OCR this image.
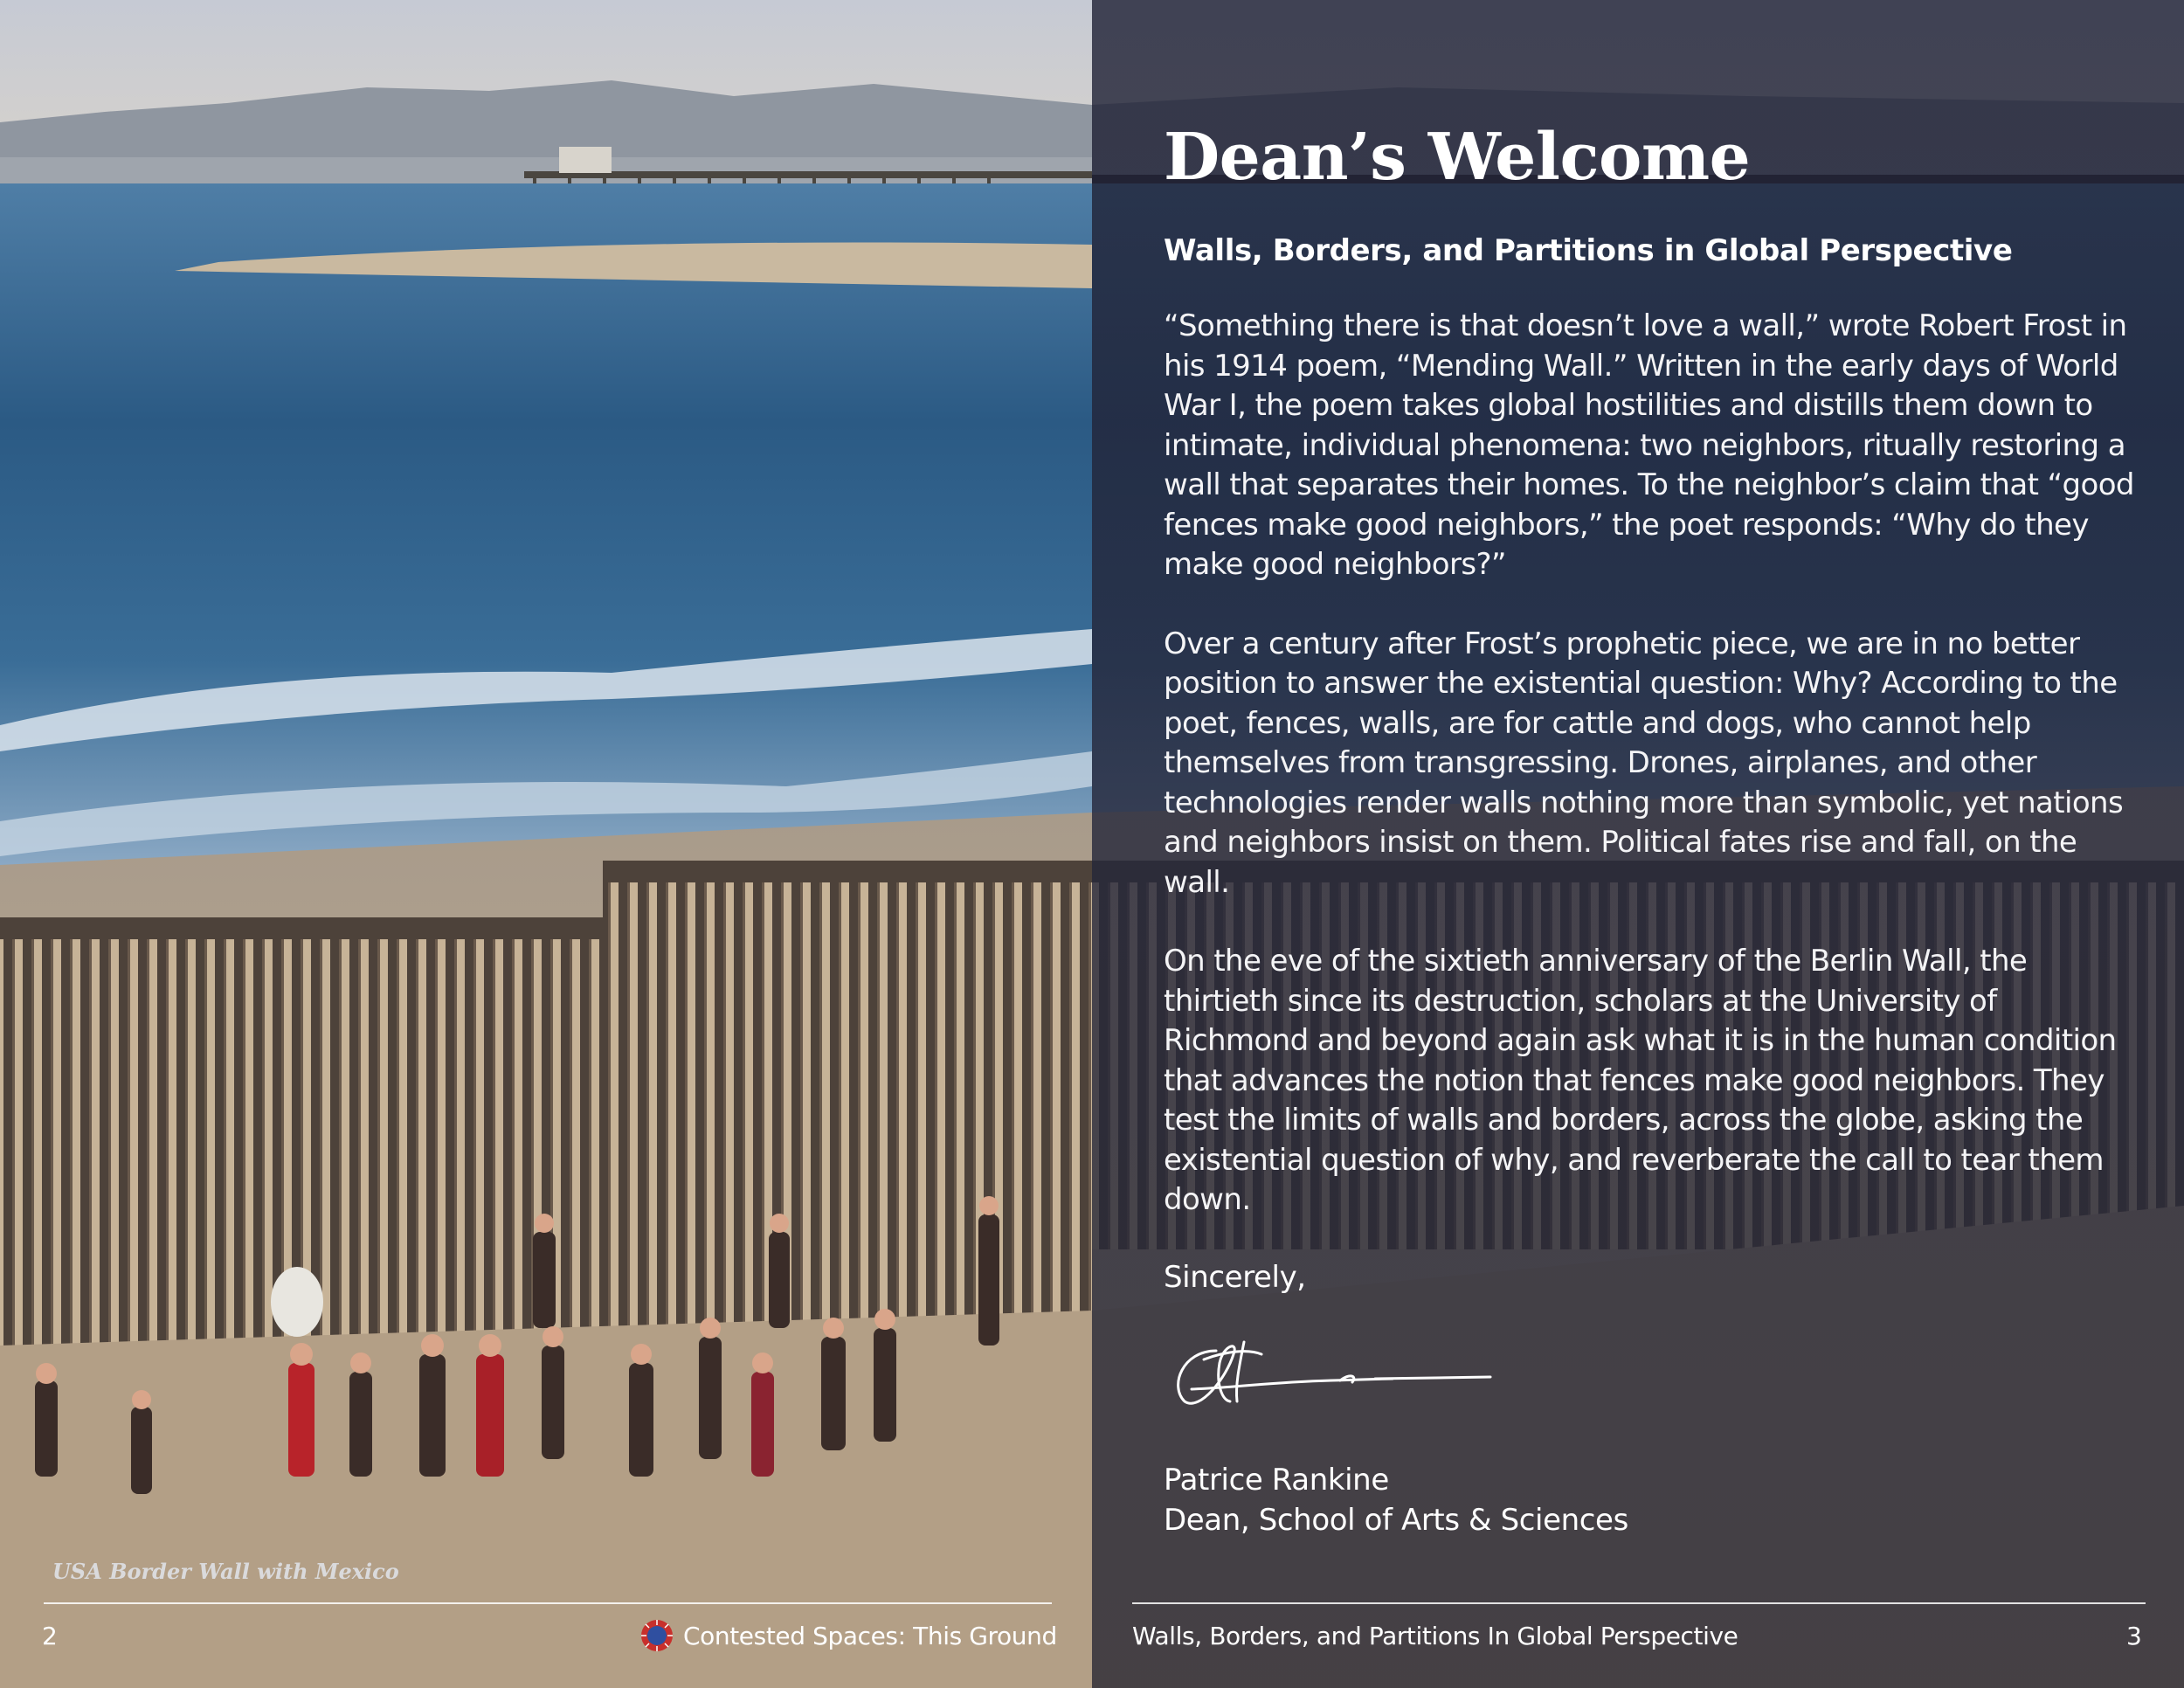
Dean’s Welcome
Walls, Borders, and Partitions in Global Perspective

“Something there is that doesn’t love a wall,” wrote Robert Frost in his 1914 poem, “Mending Wall.” Written in the early days of World War I, the poem takes global hostilities and distills them down to intimate, individual phenomena: two neighbors, ritually restoring a wall that separates their homes. To the neighbor’s claim that “good fences make good neighbors,” the poet responds: “Why do they make good neighbors?”

Over a century after Frost’s prophetic piece, we are in no better position to answer the existential question: Why? According to the poet, fences, walls, are for cattle and dogs, who cannot help themselves from transgressing. Drones, airplanes, and other technologies render walls nothing more than symbolic, yet nations and neighbors insist on them. Political fates rise and fall, on the wall.

On the eve of the sixtieth anniversary of the Berlin Wall, the thirtieth since its destruction, scholars at the University of Richmond and beyond again ask what it is in the human condition that advances the notion that fences make good neighbors. They test the limits of walls and borders, across the globe, asking the existential question of why, and reverberate the call to tear them down.

Sincerely,
Patrice Rankine
Dean, School of Arts & Sciences
USA Border Wall with Mexico
2	Contested Spaces: This Ground	Walls, Borders, and Partitions In Global Perspective	3
